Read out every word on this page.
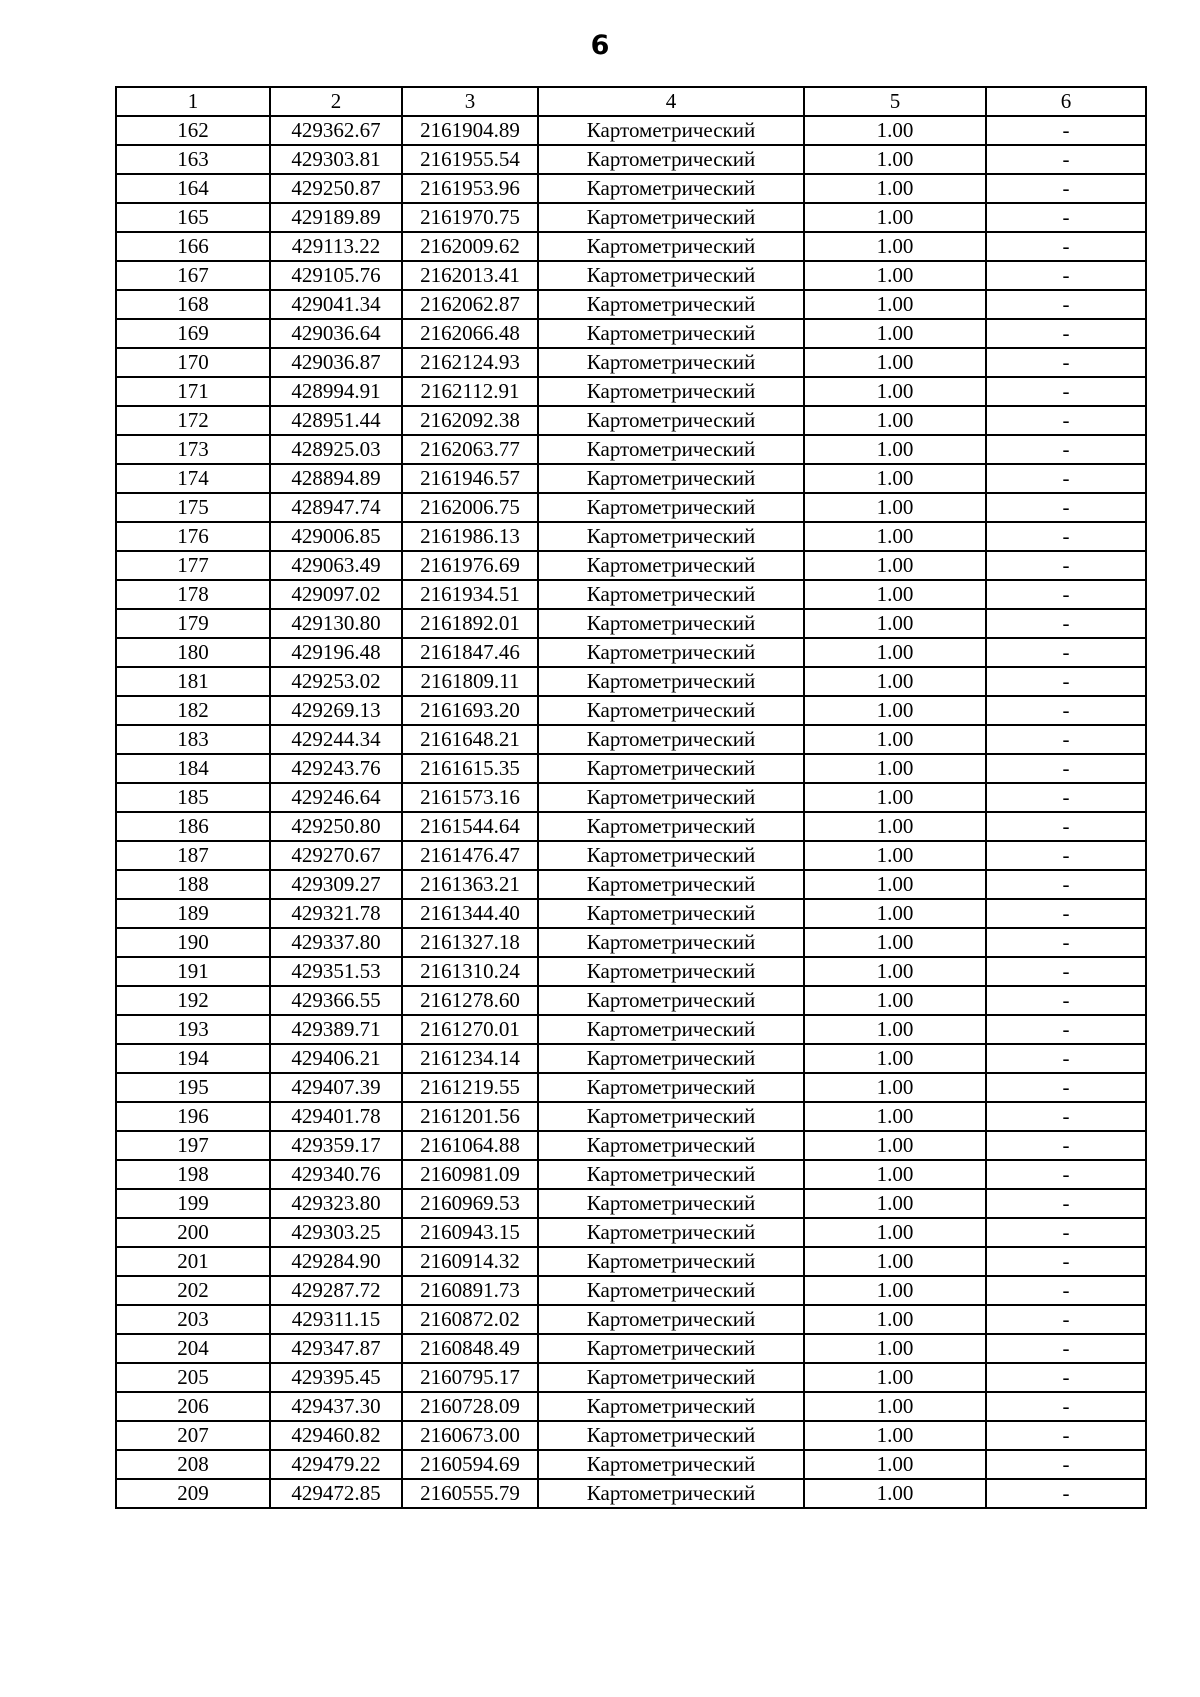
6
1	2	3	4	5	6
162	429362.67	2161904.89	Картометрический	1.00	-
163	429303.81	2161955.54	Картометрический	1.00	-
164	429250.87	2161953.96	Картометрический	1.00	-
165	429189.89	2161970.75	Картометрический	1.00	-
166	429113.22	2162009.62	Картометрический	1.00	-
167	429105.76	2162013.41	Картометрический	1.00	-
168	429041.34	2162062.87	Картометрический	1.00	-
169	429036.64	2162066.48	Картометрический	1.00	-
170	429036.87	2162124.93	Картометрический	1.00	-
171	428994.91	2162112.91	Картометрический	1.00	-
172	428951.44	2162092.38	Картометрический	1.00	-
173	428925.03	2162063.77	Картометрический	1.00	-
174	428894.89	2161946.57	Картометрический	1.00	-
175	428947.74	2162006.75	Картометрический	1.00	-
176	429006.85	2161986.13	Картометрический	1.00	-
177	429063.49	2161976.69	Картометрический	1.00	-
178	429097.02	2161934.51	Картометрический	1.00	-
179	429130.80	2161892.01	Картометрический	1.00	-
180	429196.48	2161847.46	Картометрический	1.00	-
181	429253.02	2161809.11	Картометрический	1.00	-
182	429269.13	2161693.20	Картометрический	1.00	-
183	429244.34	2161648.21	Картометрический	1.00	-
184	429243.76	2161615.35	Картометрический	1.00	-
185	429246.64	2161573.16	Картометрический	1.00	-
186	429250.80	2161544.64	Картометрический	1.00	-
187	429270.67	2161476.47	Картометрический	1.00	-
188	429309.27	2161363.21	Картометрический	1.00	-
189	429321.78	2161344.40	Картометрический	1.00	-
190	429337.80	2161327.18	Картометрический	1.00	-
191	429351.53	2161310.24	Картометрический	1.00	-
192	429366.55	2161278.60	Картометрический	1.00	-
193	429389.71	2161270.01	Картометрический	1.00	-
194	429406.21	2161234.14	Картометрический	1.00	-
195	429407.39	2161219.55	Картометрический	1.00	-
196	429401.78	2161201.56	Картометрический	1.00	-
197	429359.17	2161064.88	Картометрический	1.00	-
198	429340.76	2160981.09	Картометрический	1.00	-
199	429323.80	2160969.53	Картометрический	1.00	-
200	429303.25	2160943.15	Картометрический	1.00	-
201	429284.90	2160914.32	Картометрический	1.00	-
202	429287.72	2160891.73	Картометрический	1.00	-
203	429311.15	2160872.02	Картометрический	1.00	-
204	429347.87	2160848.49	Картометрический	1.00	-
205	429395.45	2160795.17	Картометрический	1.00	-
206	429437.30	2160728.09	Картометрический	1.00	-
207	429460.82	2160673.00	Картометрический	1.00	-
208	429479.22	2160594.69	Картометрический	1.00	-
209	429472.85	2160555.79	Картометрический	1.00	-
